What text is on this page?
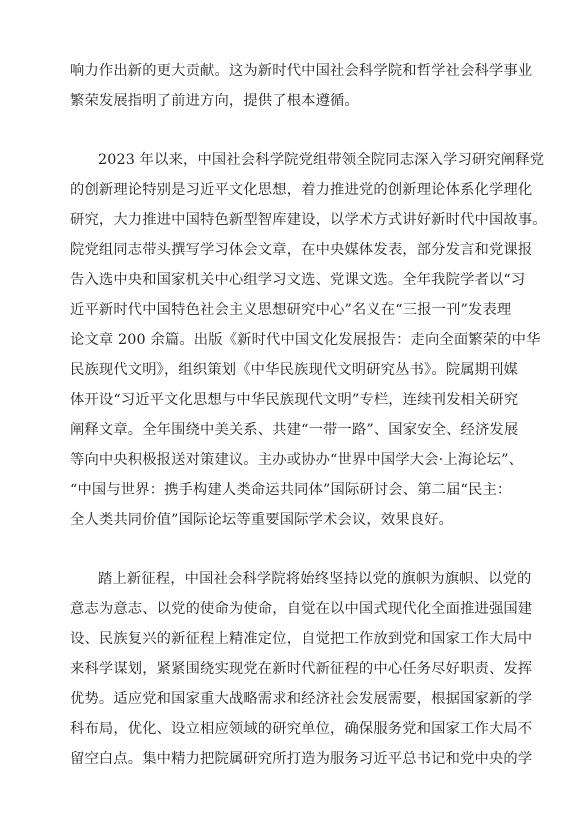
响力作出新的更大贡献。这为新时代中国社会科学院和哲学社会科学事业
繁荣发展指明了前进方向，提供了根本遵循。
2023 年以来，中国社会科学院党组带领全院同志深入学习研究阐释党
的创新理论特别是习近平文化思想，着力推进党的创新理论体系化学理化
研究，大力推进中国特色新型智库建设，以学术方式讲好新时代中国故事。
院党组同志带头撰写学习体会文章，在中央媒体发表，部分发言和党课报
告入选中央和国家机关中心组学习文选、党课文选。全年我院学者以“习
近平新时代中国特色社会主义思想研究中心”名义在“三报一刊”发表理
论文章 200 余篇。出版《新时代中国文化发展报告：走向全面繁荣的中华
民族现代文明》，组织策划《中华民族现代文明研究丛书》。院属期刊媒
体开设“习近平文化思想与中华民族现代文明”专栏，连续刊发相关研究
阐释文章。全年围绕中美关系、共建“一带一路”、国家安全、经济发展
等向中央积极报送对策建议。主办或协办“世界中国学大会·上海论坛”、
“中国与世界：携手构建人类命运共同体”国际研讨会、第二届“民主：
全人类共同价值”国际论坛等重要国际学术会议，效果良好。
踏上新征程，中国社会科学院将始终坚持以党的旗帜为旗帜、以党的
意志为意志、以党的使命为使命，自觉在以中国式现代化全面推进强国建
设、民族复兴的新征程上精准定位，自觉把工作放到党和国家工作大局中
来科学谋划，紧紧围绕实现党在新时代新征程的中心任务尽好职责、发挥
优势。适应党和国家重大战略需求和经济社会发展需要，根据国家新的学
科布局，优化、设立相应领域的研究单位，确保服务党和国家工作大局不
留空白点。集中精力把院属研究所打造为服务习近平总书记和党中央的学
